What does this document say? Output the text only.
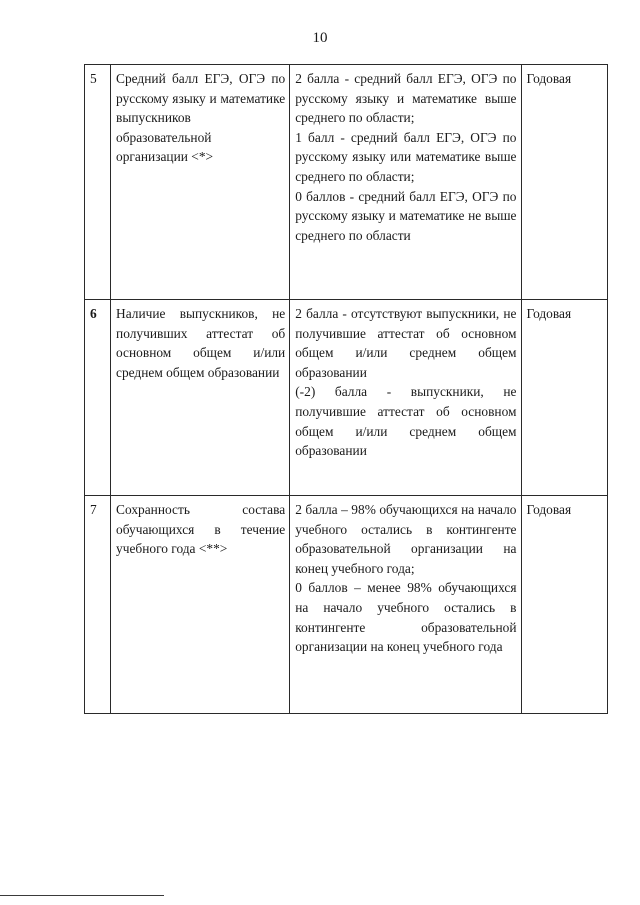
10
5	Средний балл ЕГЭ, ОГЭ по русскому языку и математике выпускников образовательной организации <*>	2 балла - средний балл ЕГЭ, ОГЭ по русскому языку и математике выше среднего по области;

1 балл - средний балл ЕГЭ, ОГЭ по русскому языку или математике выше среднего по области;

0 баллов - средний балл ЕГЭ, ОГЭ по русскому языку и математике не выше среднего по области	Годовая
6	Наличие выпускников, не получивших аттестат об основном общем и/или среднем общем образовании	2 балла - отсутствуют выпускники, не получившие аттестат об основном общем и/или среднем общем образовании

(-2) балла - выпускники, не получившие аттестат об основном общем и/или среднем общем образовании	Годовая
7	Сохранность состава обучающихся в течение учебного года <**>	2 балла – 98% обучающихся на начало учебного остались в контингенте образовательной организации на конец учебного года;

0 баллов – менее 98% обучающихся на начало учебного остались в контингенте образовательной организации на конец учебного года	Годовая
